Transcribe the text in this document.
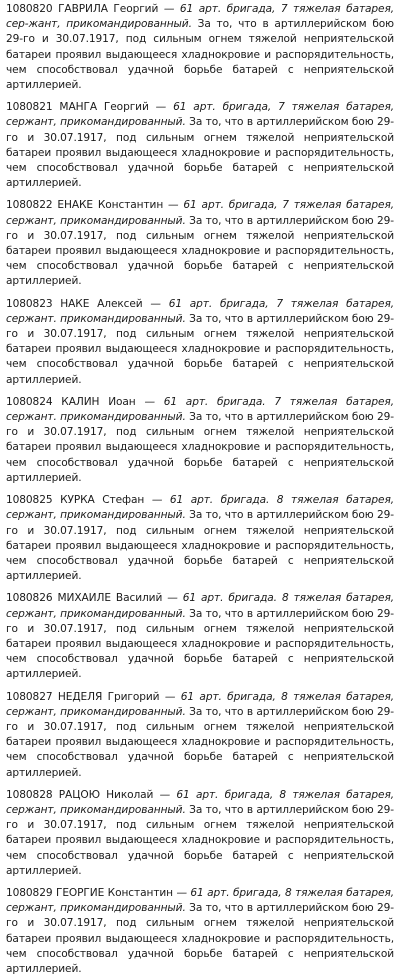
1080820 ГАВРИЛА Георгий — 61 арт. бригада, 7 тяжелая батарея, сер-жант, прикомандированный. За то, что в артиллерийском бою 29-го и 30.07.1917, под сильным огнем тяжелой неприятельской батареи проявил выдающееся хладнокровие и распорядительность, чем способствовал удачной борьбе батарей с неприятельской артиллерией.

1080821 МАНГА Георгий — 61 арт. бригада, 7 тяжелая батарея, сержант, прикомандированный. За то, что в артиллерийском бою 29-го и 30.07.1917, под сильным огнем тяжелой неприятельской батареи проявил выдающееся хладнокровие и распорядительность, чем способствовал удачной борьбе батарей с неприятельской артиллерией.

1080822 ЕНАКЕ Константин — 61 арт. бригада, 7 тяжелая батарея, сержант, прикомандированный. За то, что в артиллерийском бою 29-го и 30.07.1917, под сильным огнем тяжелой неприятельской батареи проявил выдающееся хладнокровие и распорядительность, чем способствовал удачной борьбе батарей с неприятельской артиллерией.

1080823 НАКЕ Алексей — 61 арт. бригада, 7 тяжелая батарея, сержант. прикомандированный. За то, что в артиллерийском бою 29-го и 30.07.1917, под сильным огнем тяжелой неприятельской батареи проявил выдающееся хладнокровие и распорядительность, чем способствовал удачной борьбе батарей с неприятельской артиллерией.

1080824 КАЛИН Иоан — 61 арт. бригада. 7 тяжелая батарея, сержант. прикомандированный. За то, что в артиллерийском бою 29-го и 30.07.1917, под сильным огнем тяжелой неприятельской батареи проявил выдающееся хладнокровие и распорядительность, чем способствовал удачной борьбе батарей с неприятельской артиллерией.

1080825 КУРКА Стефан — 61 арт. бригада. 8 тяжелая батарея, сержант, прикомандированный. За то, что в артиллерийском бою 29-го и 30.07.1917, под сильным огнем тяжелой неприятельской батареи проявил выдающееся хладнокровие и распорядительность, чем способствовал удачной борьбе батарей с неприятельской артиллерией.

1080826 МИХАИЛЕ Василий — 61 арт. бригада. 8 тяжелая батарея, сержант, прикомандированный. За то, что в артиллерийском бою 29-го и 30.07.1917, под сильным огнем тяжелой неприятельской батареи проявил выдающееся хладнокровие и распорядительность, чем способствовал удачной борьбе батарей с неприятельской артиллерией.

1080827 НЕДЕЛЯ Григорий — 61 арт. бригада, 8 тяжелая батарея, сержант, прикомандированный. За то, что в артиллерийском бою 29-го и 30.07.1917, под сильным огнем тяжелой неприятельской батареи проявил выдающееся хладнокровие и распорядительность, чем способствовал удачной борьбе батарей с неприятельской артиллерией.

1080828 РАЦОЮ Николай — 61 арт. бригада, 8 тяжелая батарея, сержант, прикомандированный. За то, что в артиллерийском бою 29-го и 30.07.1917, под сильным огнем тяжелой неприятельской батареи проявил выдающееся хладнокровие и распорядительность, чем способствовал удачной борьбе батарей с неприятельской артиллерией.

1080829 ГЕОРГИЕ Константин — 61 арт. бригада, 8 тяжелая батарея, сержант, прикомандированный. За то, что в артиллерийском бою 29-го и 30.07.1917, под сильным огнем тяжелой неприятельской батареи проявил выдающееся хладнокровие и распорядительность, чем способствовал удачной борьбе батарей с неприятельской артиллерией.
